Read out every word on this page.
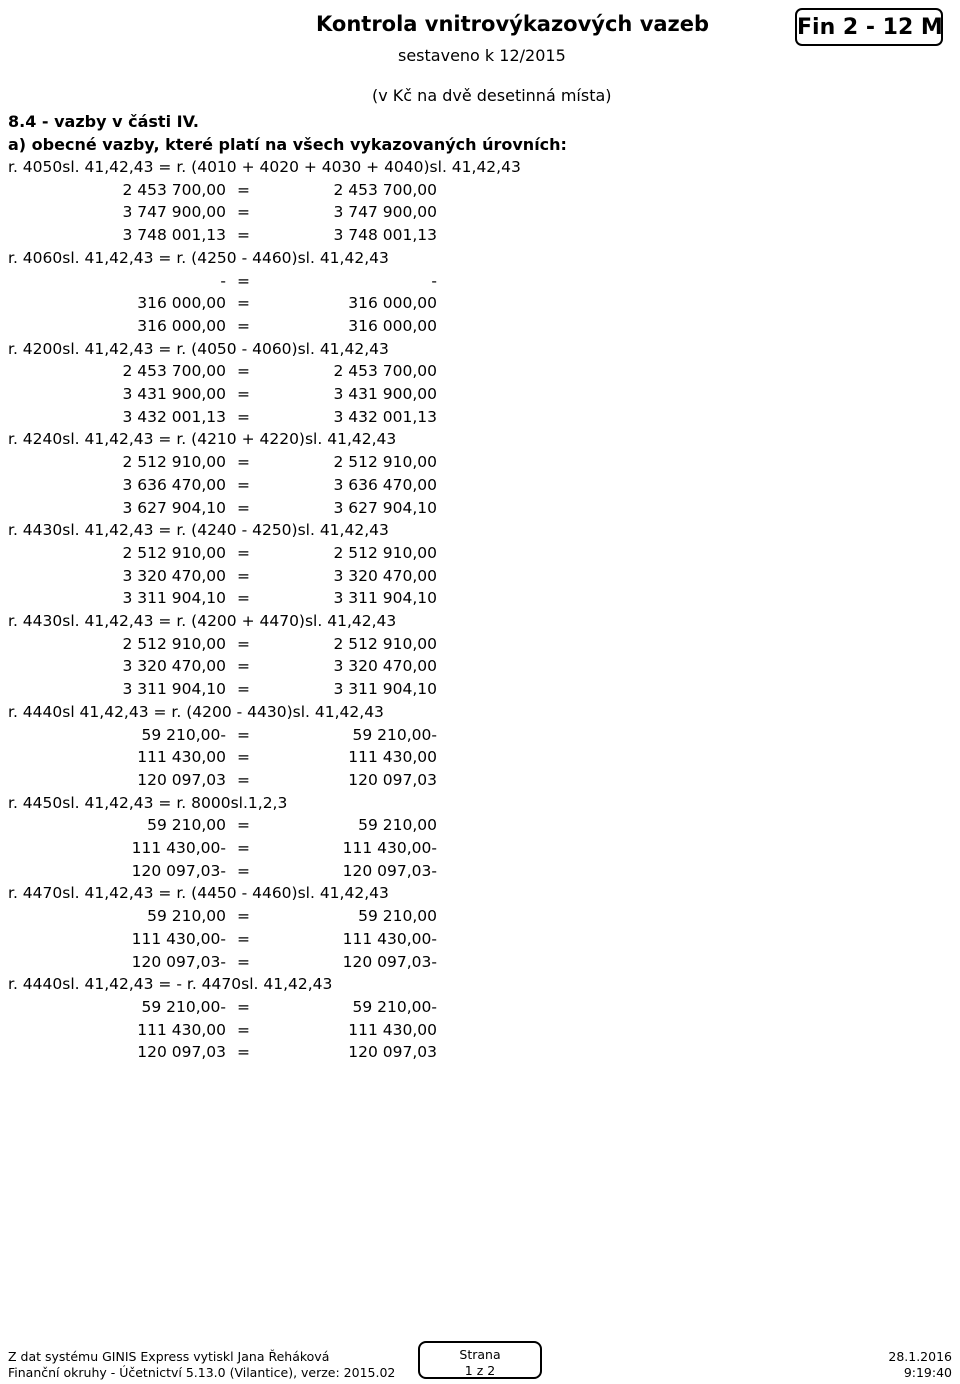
Kontrola vnitrovýkazových vazeb
sestaveno k 12/2015
Fin 2 - 12 M
(v Kč na dvě desetinná místa)
8.4 - vazby v části IV.
a) obecné vazby, které platí na všech vykazovaných úrovních:
r. 4050sl. 41,42,43 = r. (4010 + 4020 + 4030 + 4040)sl. 41,42,43
2 453 700,00 =	2 453 700,00
3 747 900,00 =	3 747 900,00
3 748 001,13 =	3 748 001,13
r. 4060sl. 41,42,43 = r. (4250 - 4460)sl. 41,42,43
- =	-
316 000,00 =	316 000,00
316 000,00 =	316 000,00
r. 4200sl. 41,42,43 = r. (4050 - 4060)sl. 41,42,43
2 453 700,00 =	2 453 700,00
3 431 900,00 =	3 431 900,00
3 432 001,13 =	3 432 001,13
r. 4240sl. 41,42,43 = r. (4210 + 4220)sl. 41,42,43
2 512 910,00 =	2 512 910,00
3 636 470,00 =	3 636 470,00
3 627 904,10 =	3 627 904,10
r. 4430sl. 41,42,43 = r. (4240 - 4250)sl. 41,42,43
2 512 910,00 =	2 512 910,00
3 320 470,00 =	3 320 470,00
3 311 904,10 =	3 311 904,10
r. 4430sl. 41,42,43 = r. (4200 + 4470)sl. 41,42,43
2 512 910,00 =	2 512 910,00
3 320 470,00 =	3 320 470,00
3 311 904,10 =	3 311 904,10
r. 4440sl 41,42,43 = r. (4200 - 4430)sl. 41,42,43
59 210,00- =	59 210,00-
111 430,00 =	111 430,00
120 097,03 =	120 097,03
r. 4450sl. 41,42,43 = r. 8000sl.1,2,3
59 210,00 =	59 210,00
111 430,00- =	111 430,00-
120 097,03- =	120 097,03-
r. 4470sl. 41,42,43 = r. (4450 - 4460)sl. 41,42,43
59 210,00 =	59 210,00
111 430,00- =	111 430,00-
120 097,03- =	120 097,03-
r. 4440sl. 41,42,43 = - r. 4470sl. 41,42,43
59 210,00- =	59 210,00-
111 430,00 =	111 430,00
120 097,03 =	120 097,03
Z dat systému GINIS Express vytiskl Jana Řeháková
Finanční okruhy - Účetnictví 5.13.0 (Vilantice), verze: 2015.02
Strana
1 z 2
28.1.2016
9:19:40
